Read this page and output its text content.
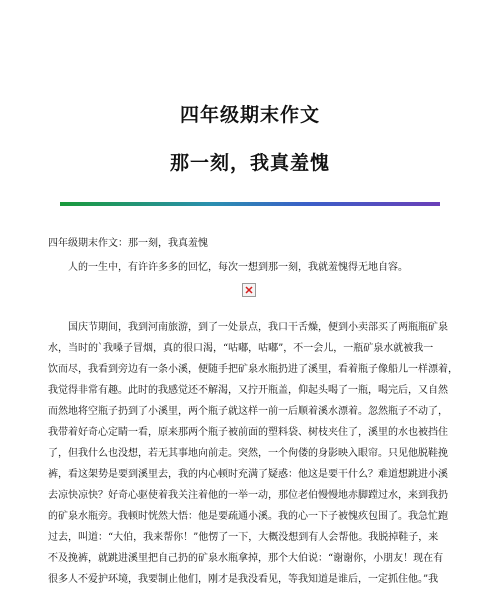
四年级期末作文
那一刻，我真羞愧
四年级期末作文：那一刻，我真羞愧
人的一生中，有许许多多的回忆，每次一想到那一刻，我就羞愧得无地自容。
　　国庆节期间，我到河南旅游，到了一处景点，我口干舌燥，便到小卖部买了两瓶瓶矿泉
水，当时的`我嗓子冒烟，真的很口渴，“咕嘟，咕嘟”，不一会儿，一瓶矿泉水就被我一
饮而尽，我看到旁边有一条小溪，便随手把矿泉水瓶扔进了溪里，看着瓶子像船儿一样漂着，
我觉得非常有趣。此时的我感觉还不解渴，又拧开瓶盖，仰起头喝了一瓶，喝完后，又自然
而然地将空瓶子扔到了小溪里，两个瓶子就这样一前一后顺着溪水漂着。忽然瓶子不动了，
我带着好奇心定睛一看，原来那两个瓶子被前面的塑料袋、树枝夹住了，溪里的水也被挡住
了，但我什么也没想，若无其事地向前走。突然，一个佝偻的身影映入眼帘。只见他脱鞋挽
裤，看这架势是要到溪里去，我的内心顿时充满了疑惑：他这是要干什么？难道想跳进小溪
去凉快凉快？好奇心驱使着我关注着他的一举一动，那位老伯慢慢地赤脚蹚过水，来到我扔
的矿泉水瓶旁。我顿时恍然大悟：他是要疏通小溪。我的心一下子被愧疚包围了。我急忙跑
过去，叫道：“大伯，我来帮你！”他愣了一下，大概没想到有人会帮他。我脱掉鞋子，来
不及挽裤，就跳进溪里把自己扔的矿泉水瓶拿掉，那个大伯说：“谢谢你，小朋友！现在有
很多人不爱护环境，我要制止他们，刚才是我没看见，等我知道是谁后，一定抓住他。”我
